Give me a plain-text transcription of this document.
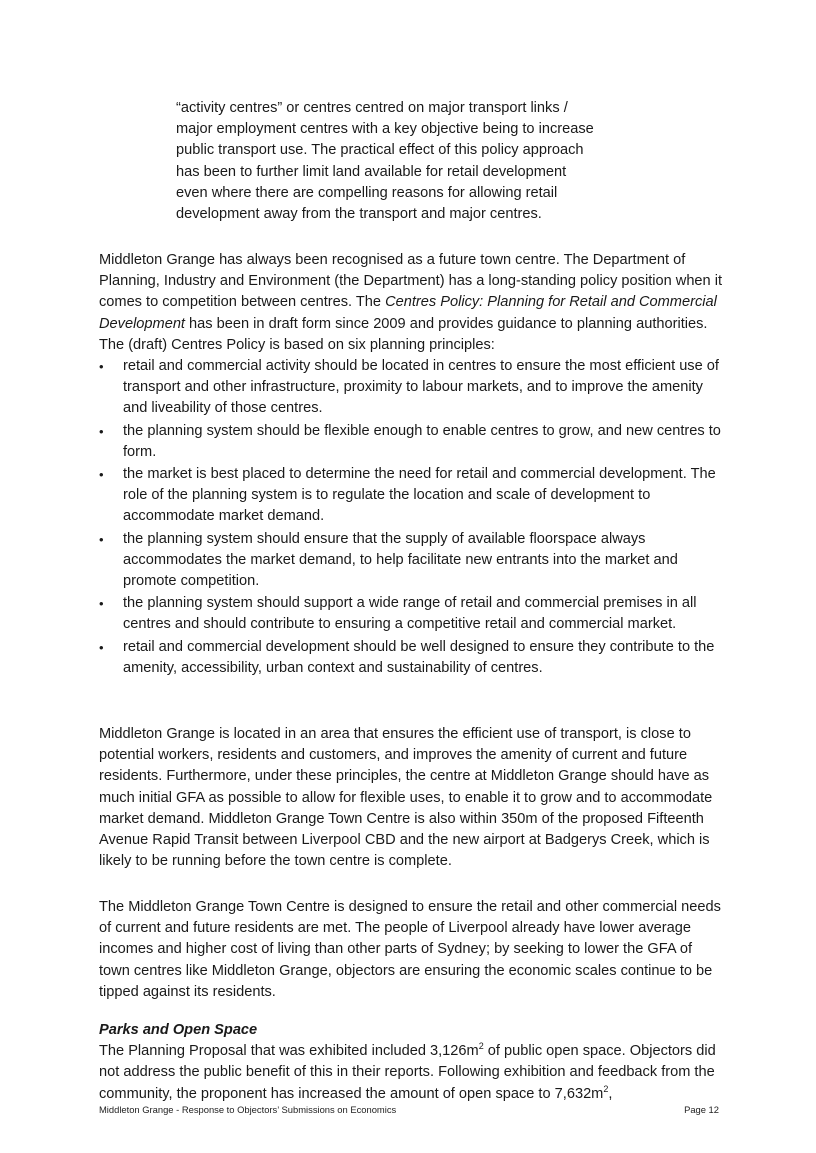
“activity centres” or centres centred on major transport links /
major employment centres with a key objective being to increase
public transport use. The practical effect of this policy approach
has been to further limit land available for retail development
even where there are compelling reasons for allowing retail
development away from the transport and major centres.

Middleton Grange has always been recognised as a future town centre. The Department of Planning, Industry and Environment (the Department) has a long-standing policy position when it comes to competition between centres. The Centres Policy: Planning for Retail and Commercial Development has been in draft form since 2009 and provides guidance to planning authorities. The (draft) Centres Policy is based on six planning principles:

• retail and commercial activity should be located in centres to ensure the most efficient use of transport and other infrastructure, proximity to labour markets, and to improve the amenity and liveability of those centres.
• the planning system should be flexible enough to enable centres to grow, and new centres to form.
• the market is best placed to determine the need for retail and commercial development. The role of the planning system is to regulate the location and scale of development to accommodate market demand.
• the planning system should ensure that the supply of available floorspace always accommodates the market demand, to help facilitate new entrants into the market and promote competition.
• the planning system should support a wide range of retail and commercial premises in all centres and should contribute to ensuring a competitive retail and commercial market.
• retail and commercial development should be well designed to ensure they contribute to the amenity, accessibility, urban context and sustainability of centres.

Middleton Grange is located in an area that ensures the efficient use of transport, is close to potential workers, residents and customers, and improves the amenity of current and future residents. Furthermore, under these principles, the centre at Middleton Grange should have as much initial GFA as possible to allow for flexible uses, to enable it to grow and to accommodate market demand. Middleton Grange Town Centre is also within 350m of the proposed Fifteenth Avenue Rapid Transit between Liverpool CBD and the new airport at Badgerys Creek, which is likely to be running before the town centre is complete.

The Middleton Grange Town Centre is designed to ensure the retail and other commercial needs of current and future residents are met. The people of Liverpool already have lower average incomes and higher cost of living than other parts of Sydney; by seeking to lower the GFA of town centres like Middleton Grange, objectors are ensuring the economic scales continue to be tipped against its residents.

Parks and Open Space

The Planning Proposal that was exhibited included $3,126m^2$ of public open space. Objectors did not address the public benefit of this in their reports. Following exhibition and feedback from the community, the proponent has increased the amount of open space to $7,632m^2$,

Middleton Grange - Response to Objectors’ Submissions on Economics	Page 12
